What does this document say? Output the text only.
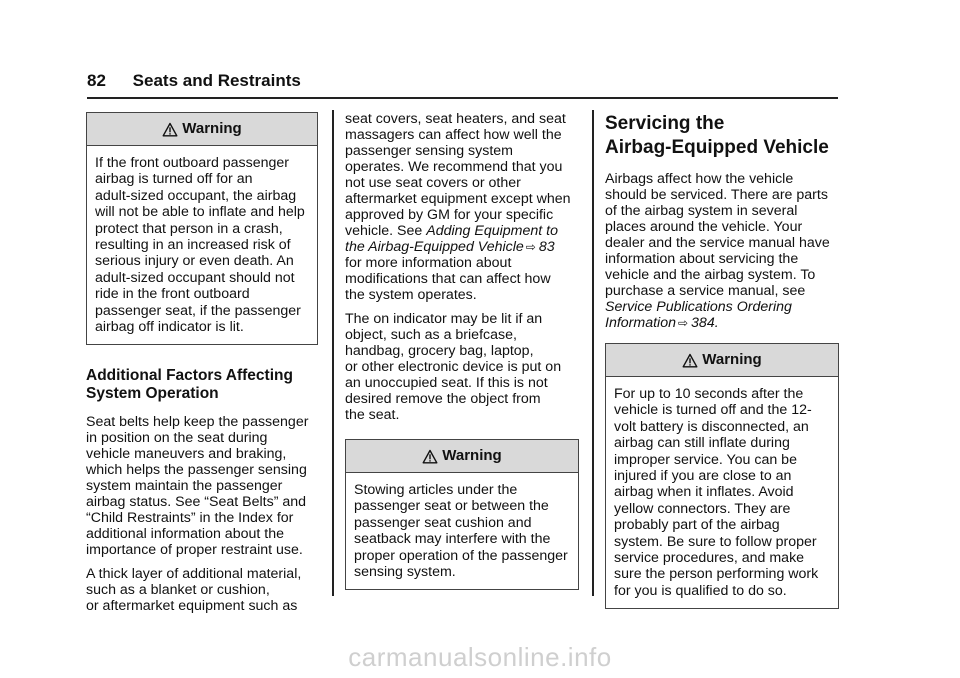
82 Seats and Restraints
Warning
If the front outboard passenger
airbag is turned off for an
adult-sized occupant, the airbag
will not be able to inflate and help
protect that person in a crash,
resulting in an increased risk of
serious injury or even death. An
adult-sized occupant should not
ride in the front outboard
passenger seat, if the passenger
airbag off indicator is lit.
Additional Factors Affecting
System Operation

Seat belts help keep the passenger
in position on the seat during
vehicle maneuvers and braking,
which helps the passenger sensing
system maintain the passenger
airbag status. See “Seat Belts” and
“Child Restraints” in the Index for
additional information about the
importance of proper restraint use.

A thick layer of additional material,
such as a blanket or cushion,
or aftermarket equipment such as

seat covers, seat heaters, and seat
massagers can affect how well the
passenger sensing system
operates. We recommend that you
not use seat covers or other
aftermarket equipment except when
approved by GM for your specific
vehicle. See Adding Equipment to
the Airbag-Equipped Vehicle ⇨ 83
for more information about
modifications that can affect how
the system operates.

The on indicator may be lit if an
object, such as a briefcase,
handbag, grocery bag, laptop,
or other electronic device is put on
an unoccupied seat. If this is not
desired remove the object from
the seat.

Warning
Stowing articles under the
passenger seat or between the
passenger seat cushion and
seatback may interfere with the
proper operation of the passenger
sensing system.
Servicing the
Airbag-Equipped Vehicle

Airbags affect how the vehicle
should be serviced. There are parts
of the airbag system in several
places around the vehicle. Your
dealer and the service manual have
information about servicing the
vehicle and the airbag system. To
purchase a service manual, see
Service Publications Ordering
Information ⇨ 384.

Warning
For up to 10 seconds after the
vehicle is turned off and the 12-
volt battery is disconnected, an
airbag can still inflate during
improper service. You can be
injured if you are close to an
airbag when it inflates. Avoid
yellow connectors. They are
probably part of the airbag
system. Be sure to follow proper
service procedures, and make
sure the person performing work
for you is qualified to do so.
carmanualsonline.info
